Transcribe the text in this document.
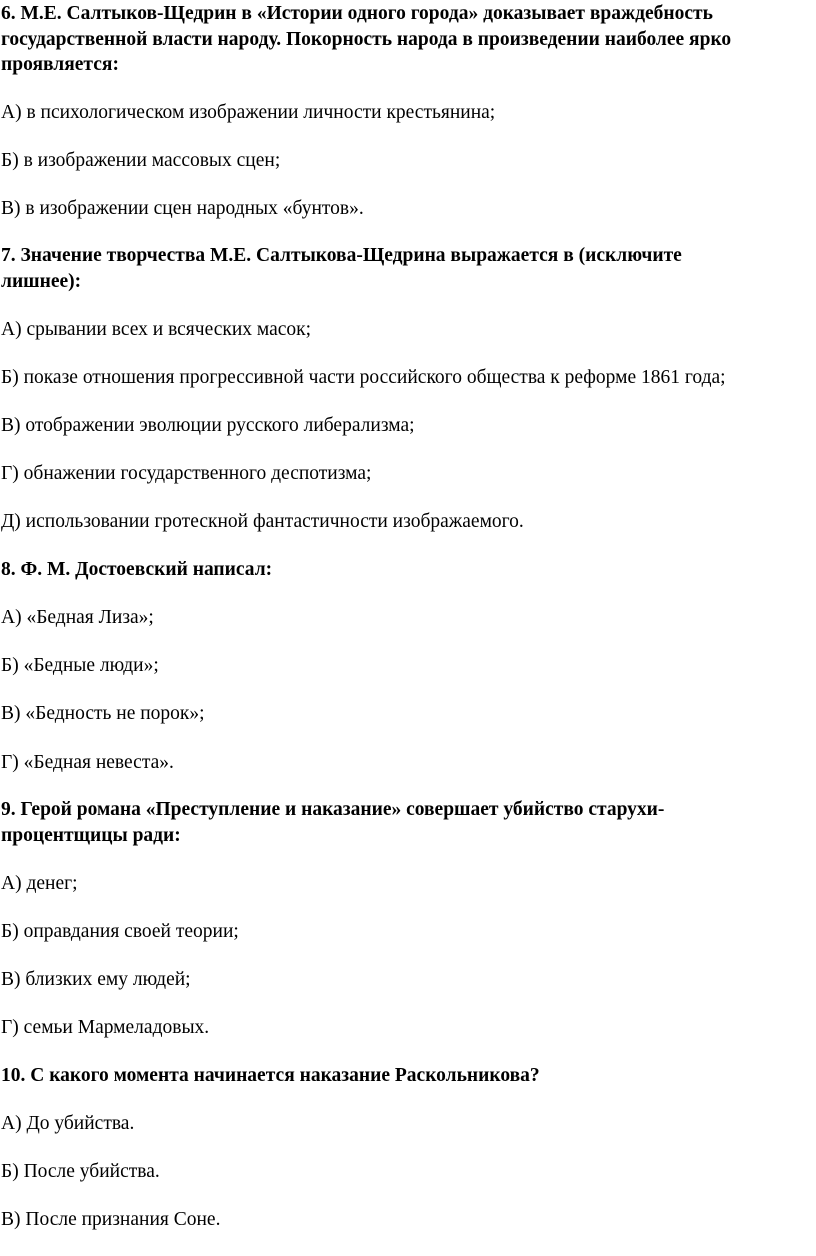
6. М.Е. Салтыков-Щедрин в «Истории одного города» доказывает враждебность
государственной власти народу. Покорность народа в произведении наиболее ярко
проявляется:
А) в психологическом изображении личности крестьянина;
Б) в изображении массовых сцен;
В) в изображении сцен народных «бунтов».
7. Значение творчества М.Е. Салтыкова-Щедрина выражается в (исключите
лишнее):
А) срывании всех и всяческих масок;
Б) показе отношения прогрессивной части российского общества к реформе 1861 года;
В) отображении эволюции русского либерализма;
Г) обнажении государственного деспотизма;
Д) использовании гротескной фантастичности изображаемого.
8. Ф. М. Достоевский написал:
А) «Бедная Лиза»;
Б) «Бедные люди»;
В) «Бедность не порок»;
Г) «Бедная невеста».
9. Герой романа «Преступление и наказание» совершает убийство старухи-
процентщицы ради:
А) денег;
Б) оправдания своей теории;
В) близких ему людей;
Г) семьи Мармеладовых.
10. С какого момента начинается наказание Раскольникова?
А) До убийства.
Б) После убийства.
В) После признания Соне.
